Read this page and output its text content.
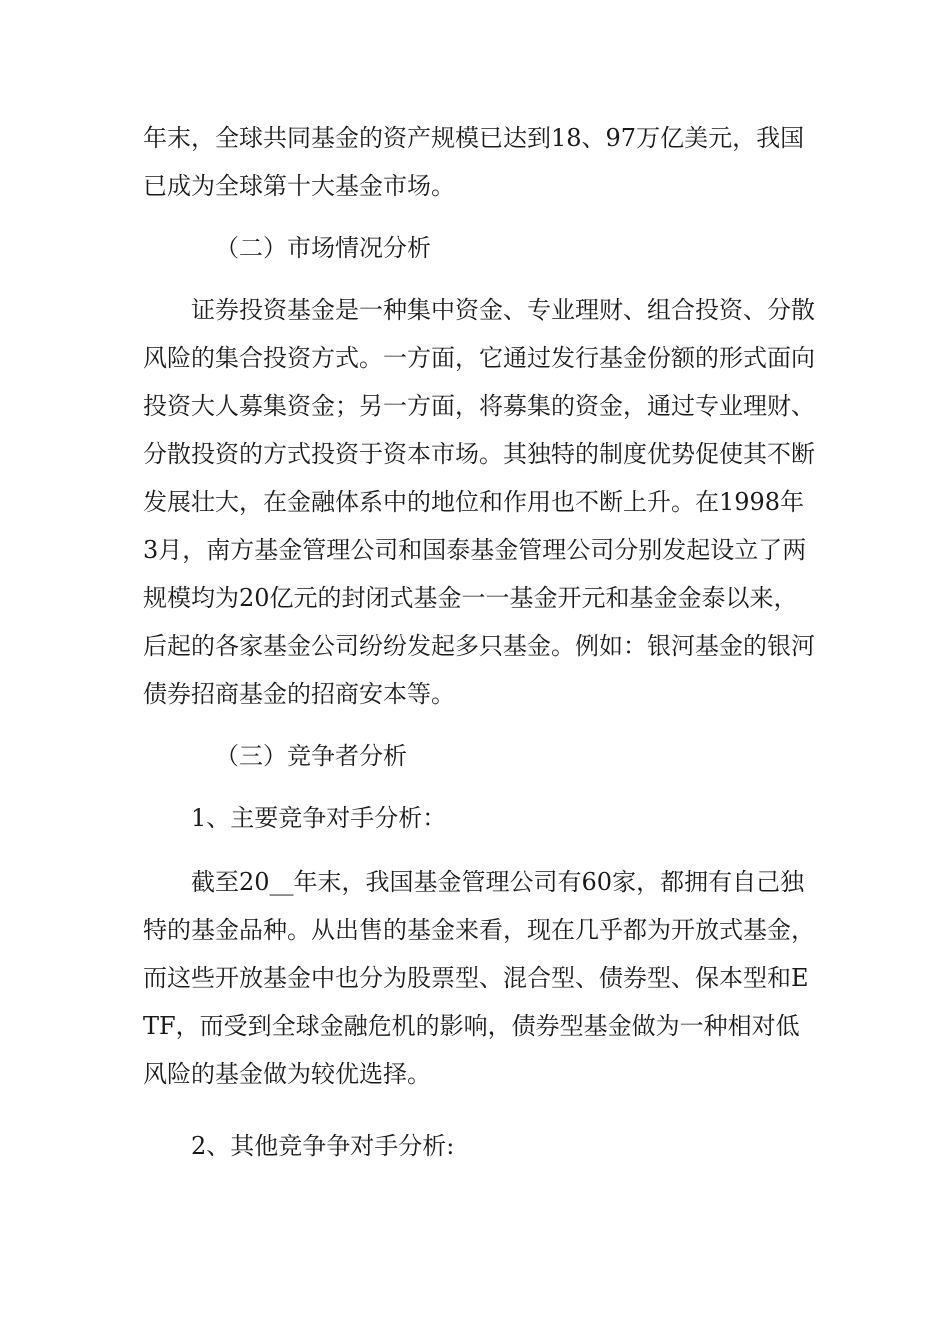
年末，全球共同基金的资产规模已达到18、97万亿美元，我国已成为全球第十大基金市场。

（二）市场情况分析

证券投资基金是一种集中资金、专业理财、组合投资、分散风险的集合投资方式。一方面，它通过发行基金份额的形式面向投资大人募集资金；另一方面，将募集的资金，通过专业理财、分散投资的方式投资于资本市场。其独特的制度优势促使其不断发展壮大，在金融体系中的地位和作用也不断上升。在1998年3月，南方基金管理公司和国泰基金管理公司分别发起设立了两规模均为20亿元的封闭式基金一一基金开元和基金金泰以来，后起的各家基金公司纷纷发起多只基金。例如：银河基金的银河债券招商基金的招商安本等。

（三）竞争者分析

1、主要竞争对手分析：

截至20__年末，我国基金管理公司有60家，都拥有自己独特的基金品种。从出售的基金来看，现在几乎都为开放式基金，而这些开放基金中也分为股票型、混合型、债券型、保本型和ETF，而受到全球金融危机的影响，债券型基金做为一种相对低风险的基金做为较优选择。

2、其他竞争争对手分析:
